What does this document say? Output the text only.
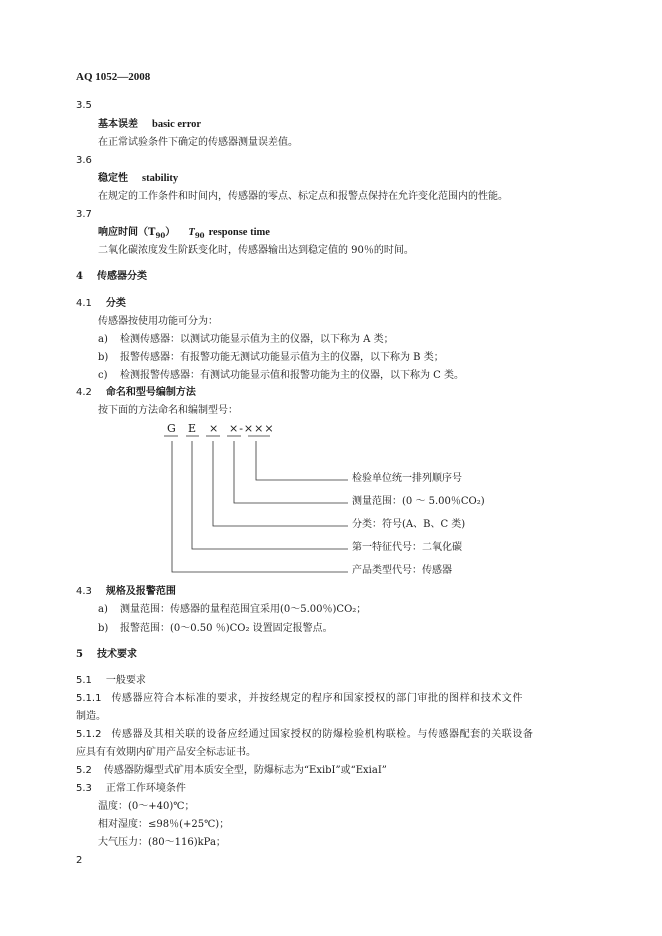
AQ 1052—2008
3.5
基本误差 basic error
在正常试验条件下确定的传感器测量误差值。
3.6
稳定性 stability
在规定的工作条件和时间内，传感器的零点、标定点和报警点保持在允许变化范围内的性能。
3.7
响应时间$(T_{90})$ $T_{90}$ response time
二氧化碳浓度发生阶跃变化时，传感器输出达到稳定值的 90％的时间。
4 传感器分类
4.1 分类
传感器按使用功能可分为：
a) 检测传感器：以测试功能显示值为主的仪器，以下称为 A 类；
b) 报警传感器：有报警功能无测试功能显示值为主的仪器，以下称为 B 类；
c) 检测报警传感器：有测试功能显示值和报警功能为主的仪器，以下称为 C 类。
4.2 命名和型号编制方法
按下面的方法命名和编制型号：
G E × ×-×××
检验单位统一排列顺序号
测量范围：(0 ～ 5.00％CO₂)
分类：符号(A、B、C 类)
第一特征代号：二氧化碳
产品类型代号：传感器
4.3 规格及报警范围
a) 测量范围：传感器的量程范围宜采用(0～5.00％)CO₂；
b) 报警范围：(0～0.50 ％)CO₂ 设置固定报警点。
5 技术要求
5.1 一般要求
5.1.1 传感器应符合本标准的要求，并按经规定的程序和国家授权的部门审批的图样和技术文件
制造。
5.1.2 传感器及其相关联的设备应经通过国家授权的防爆检验机构联检。与传感器配套的关联设备
应具有有效期内矿用产品安全标志证书。
5.2 传感器防爆型式矿用本质安全型，防爆标志为“ExibI”或“ExiaI”
5.3 正常工作环境条件
温度：(0～+40)℃；
相对湿度：≤98％(+25℃)；
大气压力：(80～116)kPa；
2
